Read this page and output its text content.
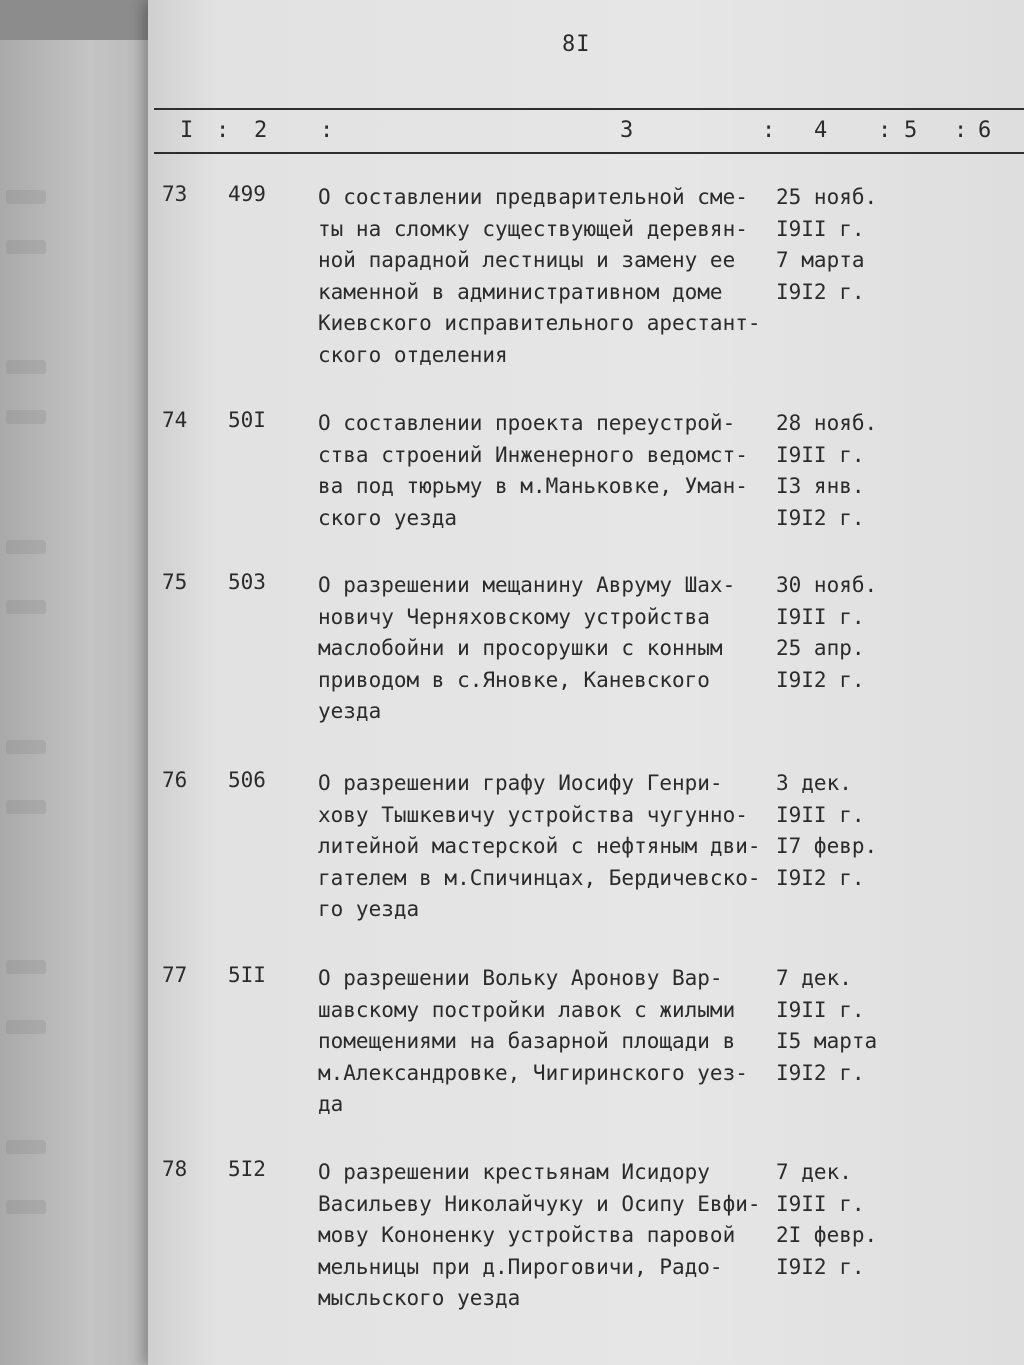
8I
I : 2 :	3	: 4 : 5 : 6
73 499 О составлении предварительной сме-
ты на сломку существующей деревян-
ной парадной лестницы и замену ее
каменной в административном доме
Киевского исправительного арестант-
ского отделения
25 нояб.
I9II г.
7 марта
I9I2 г.
74 50I О составлении проекта переустрой-
ства строений Инженерного ведомст-
ва под тюрьму в м.Маньковке, Уман-
ского уезда
28 нояб.
I9II г.
I3 янв.
I9I2 г.
75 503 О разрешении мещанину Авруму Шах-
новичу Черняховскому устройства
маслобойни и просорушки с конным
приводом в с.Яновке, Каневского
уезда
30 нояб.
I9II г.
25 апр.
I9I2 г.
76 506 О разрешении графу Иосифу Генри-
хову Тышкевичу устройства чугунно-
литейной мастерской с нефтяным дви-
гателем в м.Спичинцах, Бердичевско-
го уезда
3 дек.
I9II г.
I7 февр.
I9I2 г.
77 5II О разрешении Вольку Аронову Вар-
шавскому постройки лавок с жилыми
помещениями на базарной площади в
м.Александровке, Чигиринского уез-
да
7 дек.
I9II г.
I5 марта
I9I2 г.
78 5I2 О разрешении крестьянам Исидору
Васильеву Николайчуку и Осипу Евфи-
мову Кононенку устройства паровой
мельницы при д.Пироговичи, Радо-
мысльского уезда
7 дек.
I9II г.
2I февр.
I9I2 г.
